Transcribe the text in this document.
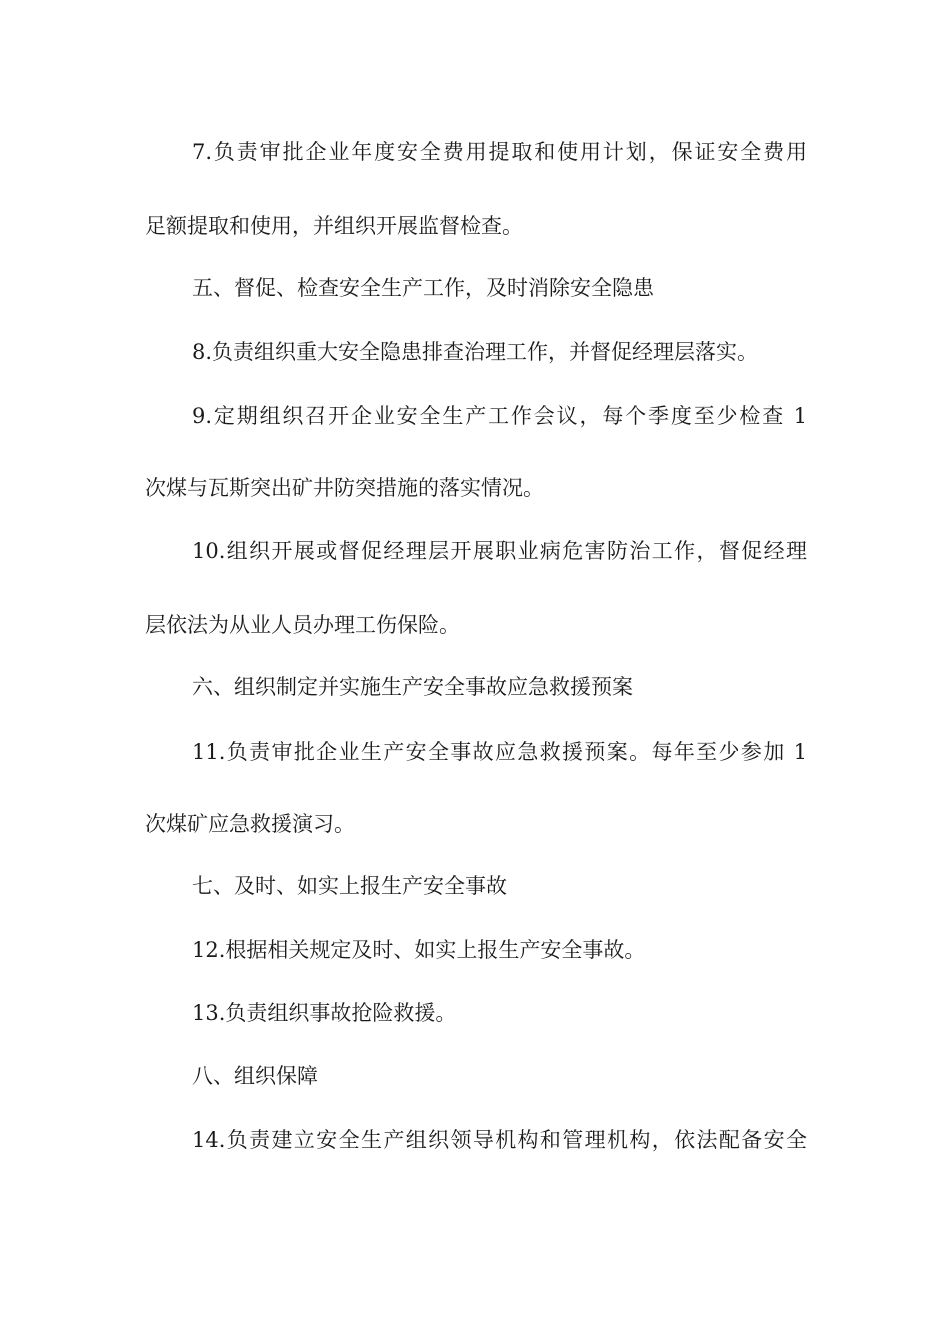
7.负责审批企业年度安全费用提取和使用计划，保证安全费用
足额提取和使用，并组织开展监督检查。
五、督促、检查安全生产工作，及时消除安全隐患
8.负责组织重大安全隐患排查治理工作，并督促经理层落实。
9.定期组织召开企业安全生产工作会议，每个季度至少检查 1
次煤与瓦斯突出矿井防突措施的落实情况。
10.组织开展或督促经理层开展职业病危害防治工作，督促经理
层依法为从业人员办理工伤保险。
六、组织制定并实施生产安全事故应急救援预案
11.负责审批企业生产安全事故应急救援预案。每年至少参加 1
次煤矿应急救援演习。
七、及时、如实上报生产安全事故
12.根据相关规定及时、如实上报生产安全事故。
13.负责组织事故抢险救援。
八、组织保障
14.负责建立安全生产组织领导机构和管理机构，依法配备安全
